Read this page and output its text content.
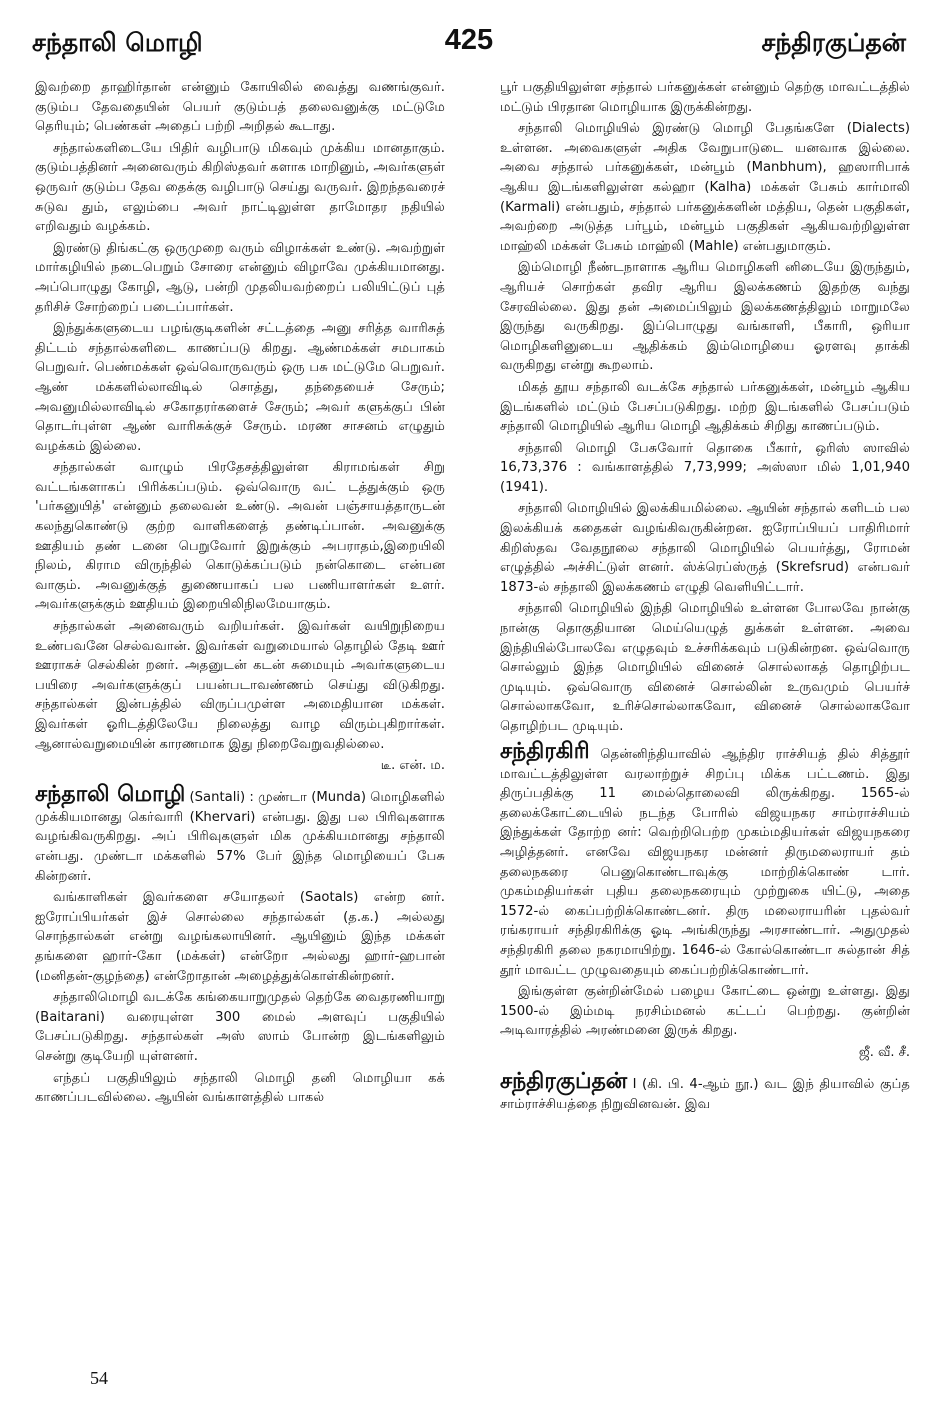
சந்தாலி மொழி	425	சந்திரகுப்தன்

இவற்றை தாஹிர்தான் என்னும் கோயிலில் வைத்து வணங்குவர். குடும்ப தேவதையின் பெயர் குடும்பத் தலைவனுக்கு மட்டுமே தெரியும்; பெண்கள் அதைப் பற்றி அறிதல் கூடாது.

சந்தால்களிடையே பிதிர் வழிபாடு மிகவும் முக்கிய மானதாகும். குடும்பத்தினர் அனைவரும் கிறிஸ்தவர் களாக மாறினும், அவர்களுள் ஒருவர் குடும்ப தேவ தைக்கு வழிபாடு செய்து வருவர். இறந்தவரைச் சுடுவ தும், எலும்பை அவர் நாட்டிலுள்ள தாமோதர நதியில் எறிவதும் வழக்கம்.

இரண்டு திங்கட்கு ஒருமுறை வரும் விழாக்கள் உண்டு. அவற்றுள் மார்கழியில் நடைபெறும் சோரை என்னும் விழாவே முக்கியமானது. அப்பொழுது கோழி, ஆடு, பன்றி முதலியவற்றைப் பலியிட்டுப் புத் தரிசிச் சோற்றைப் படைப்பார்கள்.

இந்துக்களுடைய பழங்குடிகளின் சட்டத்தை அனு சரித்த வாரிசுத் திட்டம் சந்தால்களிடை காணப்படு கிறது. ஆண்மக்கள் சமபாகம் பெறுவர். பெண்மக்கள் ஒவ்வொருவரும் ஒரு பசு மட்டுமே பெறுவர். ஆண் மக்களில்லாவிடில் சொத்து, தந்தையைச் சேரும்; அவனுமில்லாவிடில் சகோதரர்களைச் சேரும்; அவர் களுக்குப் பின் தொடர்புள்ள ஆண் வாரிசுக்குச் சேரும். மரண சாசனம் எழுதும் வழக்கம் இல்லை.

சந்தால்கள் வாழும் பிரதேசத்திலுள்ள கிராமங்கள் சிறு வட்டங்களாகப் பிரிக்கப்படும். ஒவ்வொரு வட் டத்துக்கும் ஒரு 'பர்கனுயித்' என்னும் தலைவன் உண்டு. அவன் பஞ்சாயத்தாருடன் கலந்துகொண்டு குற்ற வாளிகளைத் தண்டிப்பான். அவனுக்கு ஊதியம் தண் டனை பெறுவோர் இறுக்கும் அபராதம்,இறையிலி நிலம், கிராம விருந்தில் கொடுக்கப்படும் நன்கொடை என்பன வாகும். அவனுக்குத் துணையாகப் பல பணியாளர்கள் உளர். அவர்களுக்கும் ஊதியம் இறையிலிநிலமேயாகும்.

சந்தால்கள் அனைவரும் வறியர்கள். இவர்கள் வயிறுநிறைய உண்பவனே செல்வவான். இவர்கள் வறுமையால் தொழில் தேடி ஊர் ஊராகச் செல்கின் றனர். அதனுடன் கடன் சுமையும் அவர்களுடைய பயிரை அவர்களுக்குப் பயன்படாவண்ணம் செய்து விடுகிறது. சந்தால்கள் இன்பத்தில் விருப்பமுள்ள அமைதியான மக்கள். இவர்கள் ஓரிடத்திலேயே நிலைத்து வாழ விரும்புகிறார்கள். ஆனால்வறுமையின் காரணமாக இது நிறைவேறுவதில்லை.

டீ. என். ம.

சந்தாலி மொழி (Santali) : முண்டா (Munda) மொழிகளில் முக்கியமானது கெர்வாரி (Khervari) என்பது. இது பல பிரிவுகளாக வழங்கிவருகிறது. அப் பிரிவுகளுள் மிக முக்கியமானது சந்தாலி என்பது. முண்டா மக்களில் 57% பேர் இந்த மொழியைப் பேசு கின்றனர்.

வங்காளிகள் இவர்களை சயோதலர் (Saotals) என்ற னர். ஐரோப்பியர்கள் இச் சொல்லை சந்தால்கள் (த.க.) அல்லது சொந்தால்கள் என்று வழங்கலாயினர். ஆயினும் இந்த மக்கள் தங்களை ஹார்-கோ (மக்கள்) என்றோ அல்லது ஹார்-ஹபான் (மனிதன்-குழந்தை) என்றோதான் அழைத்துக்கொள்கின்றனர்.

சந்தாலிமொழி வடக்கே கங்கையாறுமுதல் தெற்கே வைதரணியாறு (Baitarani) வரையுள்ள 300 மைல் அளவுப் பகுதியில் பேசப்படுகிறது. சந்தால்கள் அஸ் ஸாம் போன்ற இடங்களிலும் சென்று குடியேறி யுள்ளனர்.

எந்தப் பகுதியிலும் சந்தாலி மொழி தனி மொழியா கக் காணப்படவில்லை. ஆயின் வங்காளத்தில் பாகல்

பூர் பகுதியிலுள்ள சந்தால் பர்கனுக்கள் என்னும் தெற்கு மாவட்டத்தில் மட்டும் பிரதான மொழியாக இருக்கின்றது.

சந்தாலி மொழியில் இரண்டு மொழி பேதங்களே (Dialects) உள்ளன. அவைகளுள் அதிக வேறுபாடுடை யனவாக இல்லை. அவை சந்தால் பர்கனுக்கள், மன்பூம் (Manbhum), ஹஸாரிபாக் ஆகிய இடங்களிலுள்ள கல்ஹா (Kalha) மக்கள் பேசும் கார்மாலி (Karmali) என்பதும், சந்தால் பர்கனுக்களின் மத்திய, தென் பகுதிகள், அவற்றை அடுத்த பர்பூம், மன்பூம் பகுதிகள் ஆகியவற்றிலுள்ள மாஹ்லி மக்கள் பேசும் மாஹ்லி (Mahle) என்பதுமாகும்.

இம்மொழி நீண்டநாளாக ஆரிய மொழிகளி னிடையே இருந்தும், ஆரியச் சொற்கள் தவிர ஆரிய இலக்கணம் இதற்கு வந்து சேரவில்லை. இது தன் அமைப்பிலும் இலக்கணத்திலும் மாறுமலே இருந்து வருகிறது. இப்பொழுது வங்காளி, பீகாரி, ஒரியா மொழிகளினுடைய ஆதிக்கம் இம்மொழியை ஓரளவு தாக்கி வருகிறது என்று கூறலாம்.

மிகத் தூய சந்தாலி வடக்கே சந்தால் பர்கனுக்கள், மன்பூம் ஆகிய இடங்களில் மட்டும் பேசப்படுகிறது. மற்ற இடங்களில் பேசப்படும் சந்தாலி மொழியில் ஆரிய மொழி ஆதிக்கம் சிறிது காணப்படும்.

சந்தாலி மொழி பேசுவோர் தொகை பீகார், ஒரிஸ் ஸாவில் 16,73,376 : வங்காளத்தில் 7,73,999; அஸ்ஸா மில் 1,01,940 (1941).

சந்தாலி மொழியில் இலக்கியமில்லை. ஆயின் சந்தால் களிடம் பல இலக்கியக் கதைகள் வழங்கிவருகின்றன. ஐரோப்பியப் பாதிரிமார் கிறிஸ்தவ வேதநூலை சந்தாலி மொழியில் பெயர்த்து, ரோமன் எழுத்தில் அச்சிட்டுள் ளனர். ஸ்க்ரெப்ஸ்ருத் (Skrefsrud) என்பவர் 1873-ல் சந்தாலி இலக்கணம் எழுதி வெளியிட்டார்.

சந்தாலி மொழியில் இந்தி மொழியில் உள்ளன போலவே நான்கு நான்கு தொகுதியான மெய்யெழுத் துக்கள் உள்ளன. அவை இந்தியில்போலவே எழுதவும் உச்சரிக்கவும் படுகின்றன. ஒவ்வொரு சொல்லும் இந்த மொழியில் வினைச் சொல்லாகத் தொழிற்பட முடியும். ஒவ்வொரு வினைச் சொல்லின் உருவமும் பெயர்ச் சொல்லாகவோ, உரிச்சொல்லாகவோ, வினைச் சொல்லாகவோ தொழிற்பட முடியும்.

சந்திரகிரி தென்னிந்தியாவில் ஆந்திர ராச்சியத் தில் சித்தூர் மாவட்டத்திலுள்ள வரலாற்றுச் சிறப்பு மிக்க பட்டணம். இது திருப்பதிக்கு 11 மைல்தொலைவி லிருக்கிறது. 1565-ல் தலைக்கோட்டையில் நடந்த போரில் விஜயநகர சாம்ராச்சியம் இந்துக்கள் தோற்ற னர்: வெற்றிபெற்ற முகம்மதியர்கள் விஜயநகரை அழித்தனர். எனவே விஜயநகர மன்னர் திருமலைராயர் தம் தலைநகரை பெனுகொண்டாவுக்கு மாற்றிக்கொண் டார். முகம்மதியர்கள் புதிய தலைநகரையும் முற்றுகை யிட்டு, அதை 1572-ல் கைப்பற்றிக்கொண்டனர். திரு மலைராயரின் புதல்வர் ரங்கராயர் சந்திரகிரிக்கு ஓடி அங்கிருந்து அரசாண்டார். அதுமுதல் சந்திரகிரி தலை நகரமாயிற்று. 1646-ல் கோல்கொண்டா சுல்தான் சித் தூர் மாவட்ட முழுவதையும் கைப்பற்றிக்கொண்டார்.

இங்குள்ள குன்றின்மேல் பழைய கோட்டை ஒன்று உள்ளது. இது 1500-ல் இம்மடி நரசிம்மனல் கட்டப் பெற்றது. குன்றின் அடிவாரத்தில் அரண்மனை இருக் கிறது.

ஜீ. வீ. சீ.

சந்திரகுப்தன் I (கி. பி. 4-ஆம் நூ.) வட இந் தியாவில் குப்த சாம்ராச்சியத்தை நிறுவினவன். இவ

54
